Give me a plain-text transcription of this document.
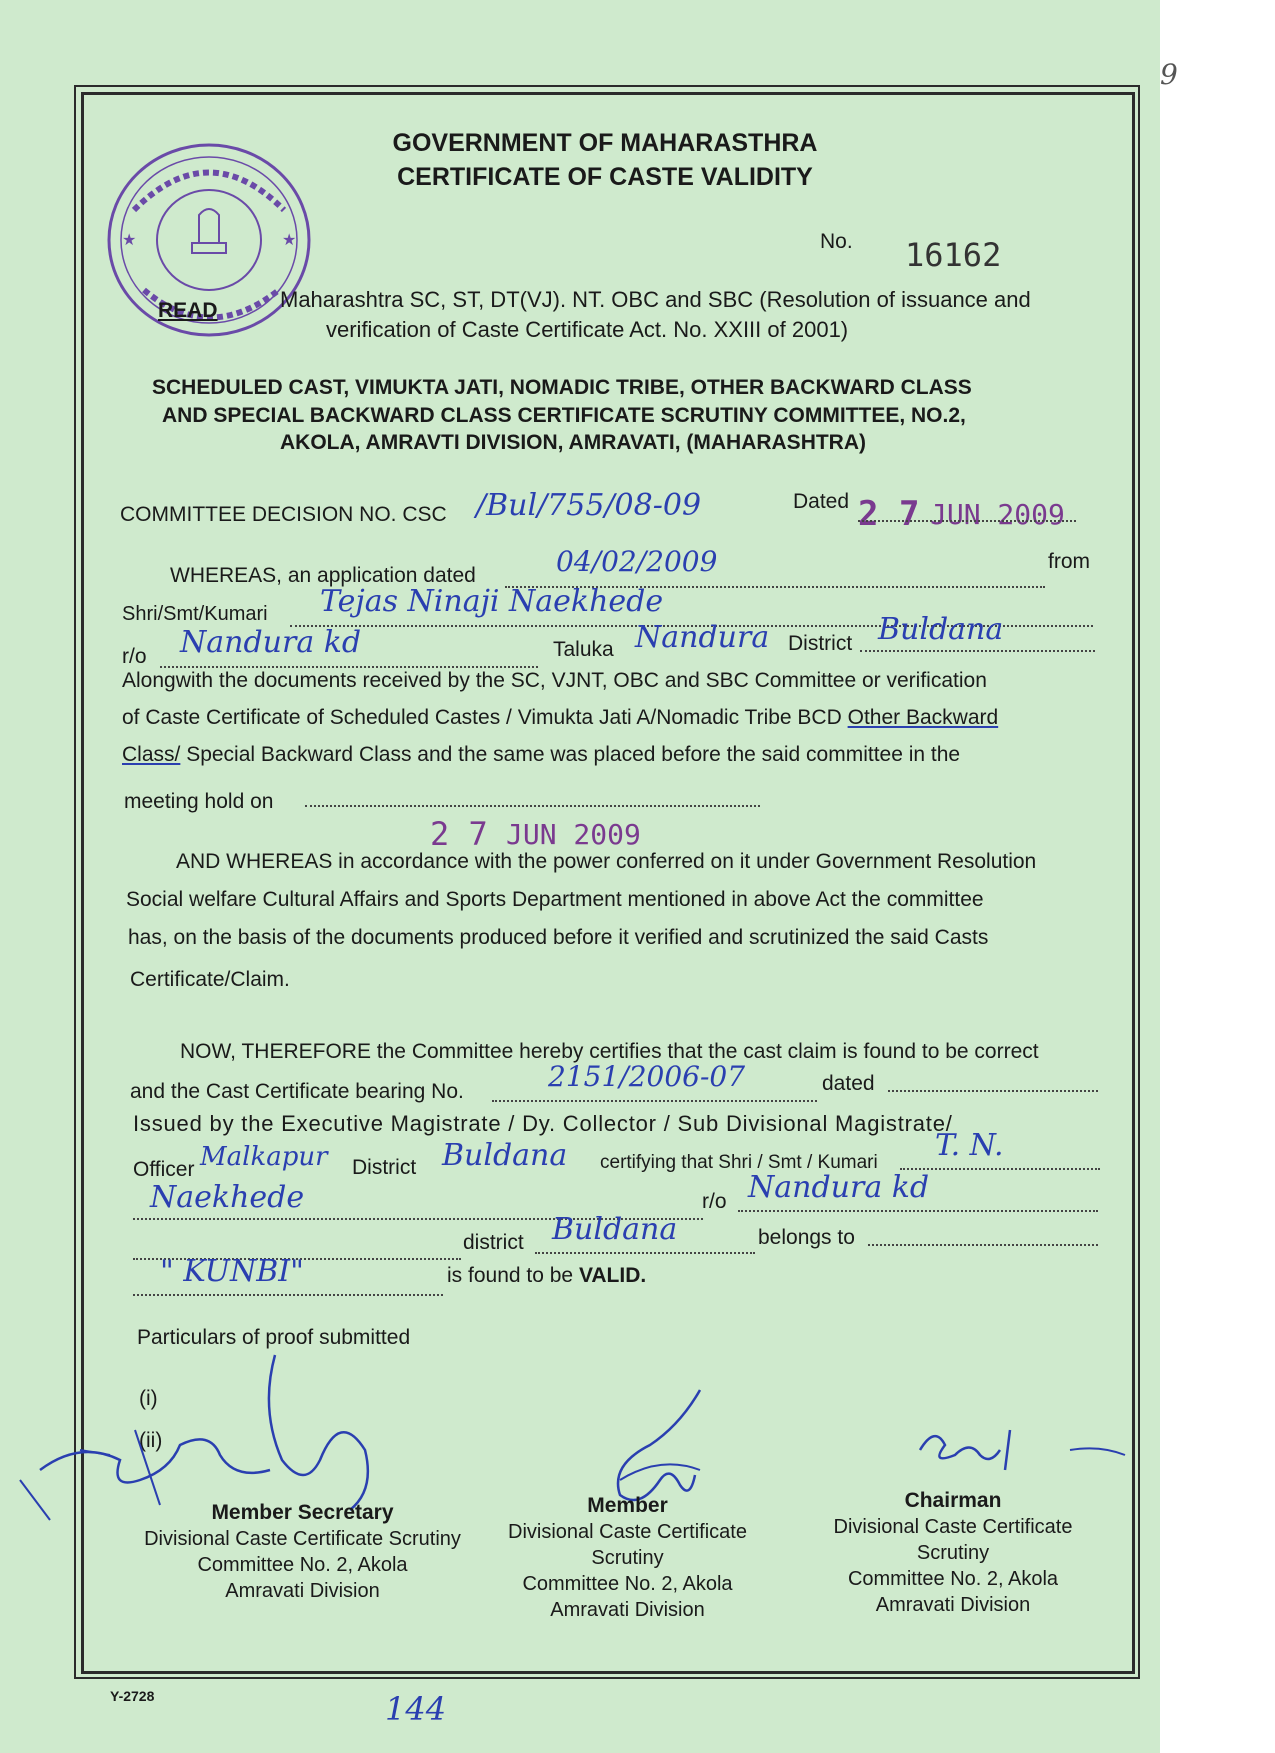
9
★	★
GOVERNMENT OF MAHARASTHRA
CERTIFICATE OF CASTE VALIDITY
No. 16162
READ	Maharashtra SC, ST, DT(VJ). NT. OBC and SBC (Resolution of issuance and
verification of Caste Certificate Act. No. XXIII of 2001)
SCHEDULED CAST, VIMUKTA JATI, NOMADIC TRIBE, OTHER BACKWARD CLASS
AND SPECIAL BACKWARD CLASS CERTIFICATE SCRUTINY COMMITTEE, NO.2,
AKOLA, AMRAVTI DIVISION, AMRAVATI, (MAHARASHTRA)
COMMITTEE DECISION NO. CSC /Bul/755/08-09	Dated 2 7 JUN 2009
WHEREAS, an application dated	04/02/2009	from
Shri/Smt/Kumari Tejas Ninaji Naekhede
r/o Nandura kd	Taluka Nandura District Buldana
Alongwith the documents received by the SC, VJNT, OBC and SBC Committee or verification
of Caste Certificate of Scheduled Castes / Vimukta Jati A/Nomadic Tribe BCD Other Backward
Class/ Special Backward Class and the same was placed before the said committee in the
meeting hold on
2 7 JUN 2009
AND WHEREAS in accordance with the power conferred on it under Government Resolution
Social welfare Cultural Affairs and Sports Department mentioned in above Act the committee
has, on the basis of the documents produced before it verified and scrutinized the said Casts
Certificate/Claim.
NOW, THEREFORE the Committee hereby certifies that the cast claim is found to be correct
and the Cast Certificate bearing No.	2151/2006-07	dated
Issued by the Executive Magistrate / Dy. Collector / Sub Divisional Magistrate/
Officer Malkapur District Buldana certifying that Shri / Smt / Kumari T. N.
Naekhede	r/o Nandura kd
district Buldana	belongs to
" KUNBI"	is found to be VALID.
Particulars of proof submitted
(i)
(ii)
Member Secretary
Divisional Caste Certificate Scrutiny
Committee No. 2, Akola
Amravati Division
Member
Divisional Caste Certificate Scrutiny
Committee No. 2, Akola
Amravati Division
Chairman
Divisional Caste Certificate Scrutiny
Committee No. 2, Akola
Amravati Division
Y-2728	144
